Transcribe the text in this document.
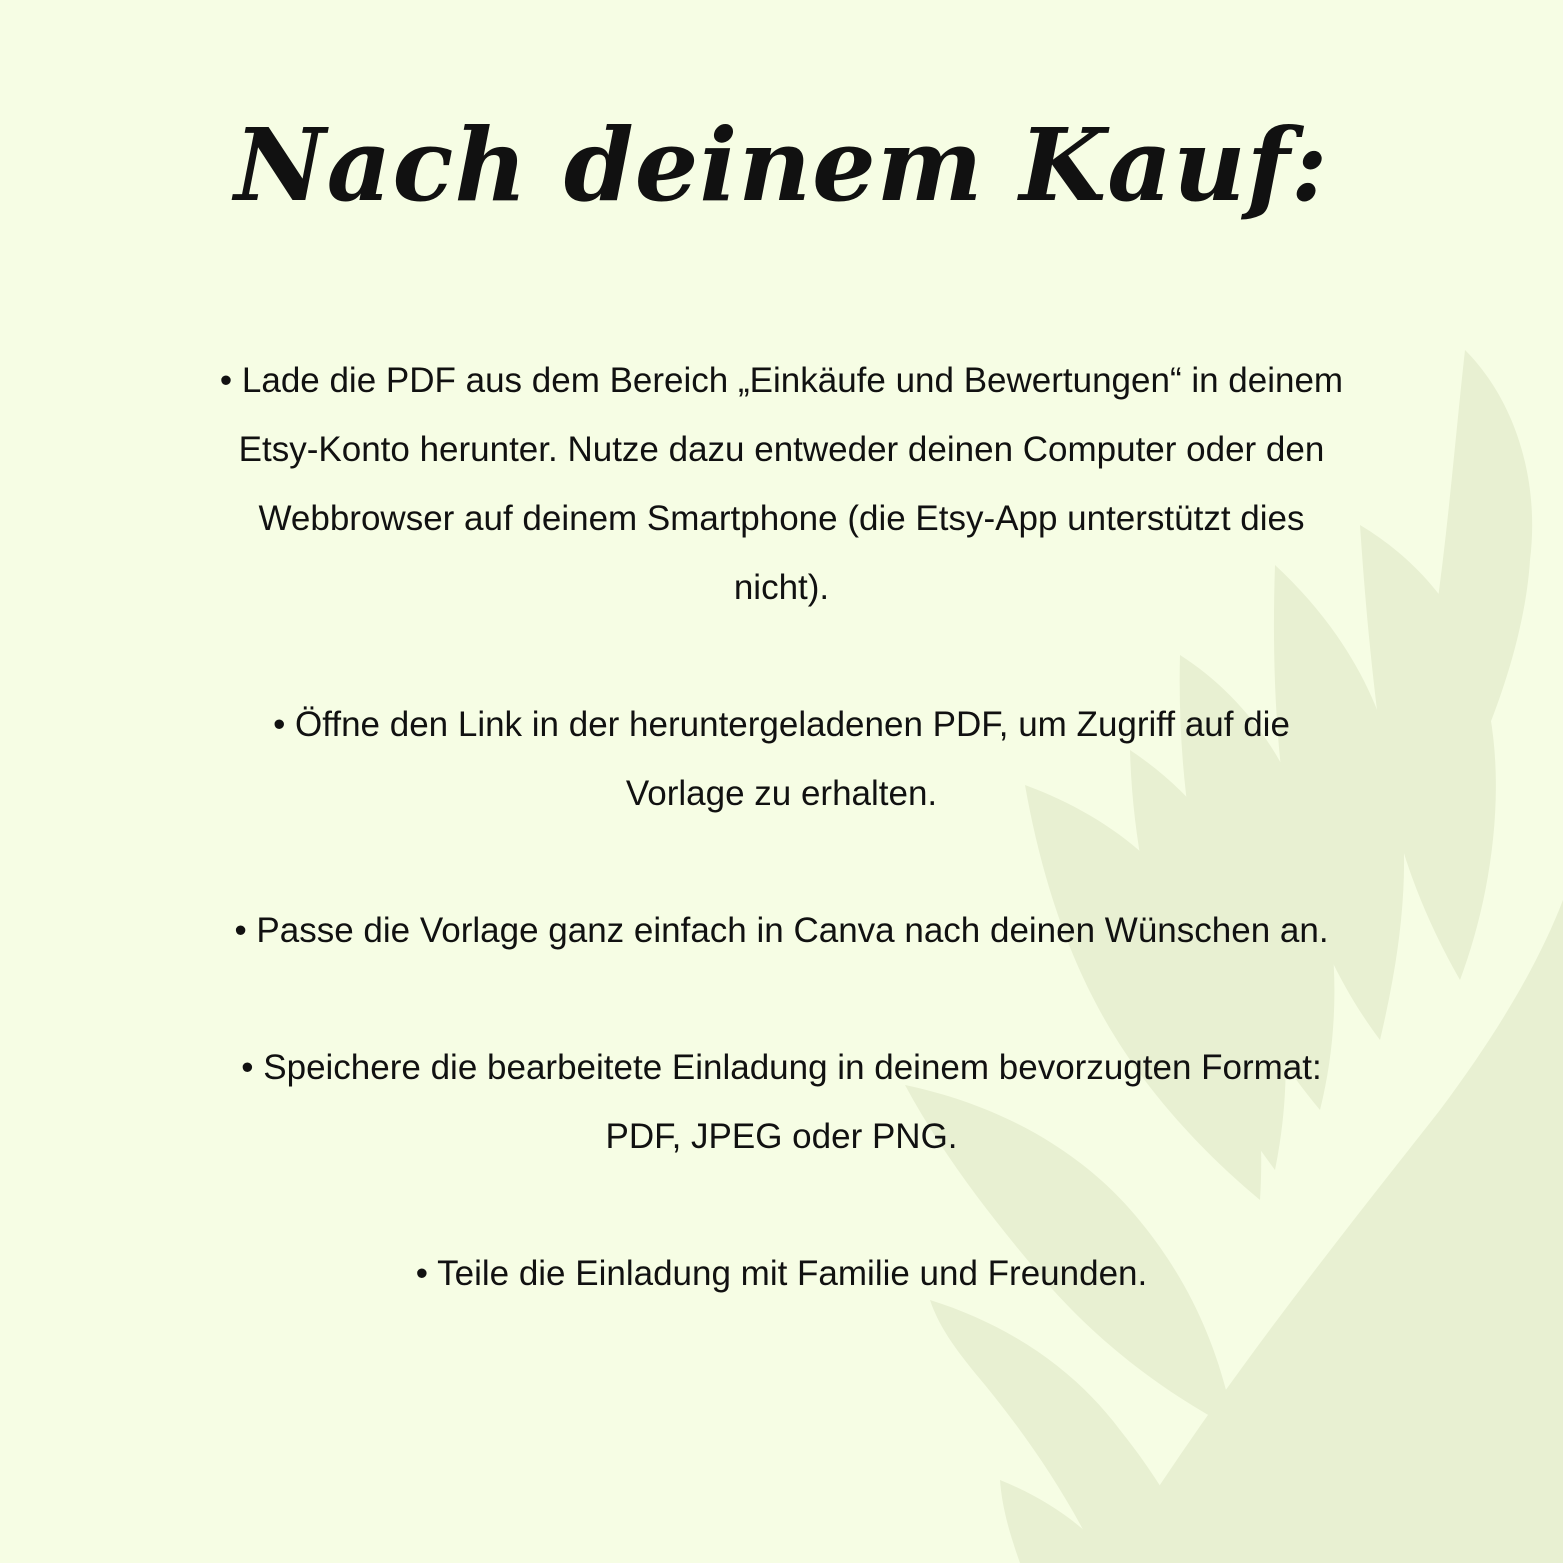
Nach deinem Kauf:
• Lade die PDF aus dem Bereich „Einkäufe und Bewertungen“ in deinem Etsy-Konto herunter. Nutze dazu entweder deinen Computer oder den Webbrowser auf deinem Smartphone (die Etsy-App unterstützt dies nicht).
• Öffne den Link in der heruntergeladenen PDF, um Zugriff auf die Vorlage zu erhalten.
• Passe die Vorlage ganz einfach in Canva nach deinen Wünschen an.
• Speichere die bearbeitete Einladung in deinem bevorzugten Format: PDF, JPEG oder PNG.
• Teile die Einladung mit Familie und Freunden.
